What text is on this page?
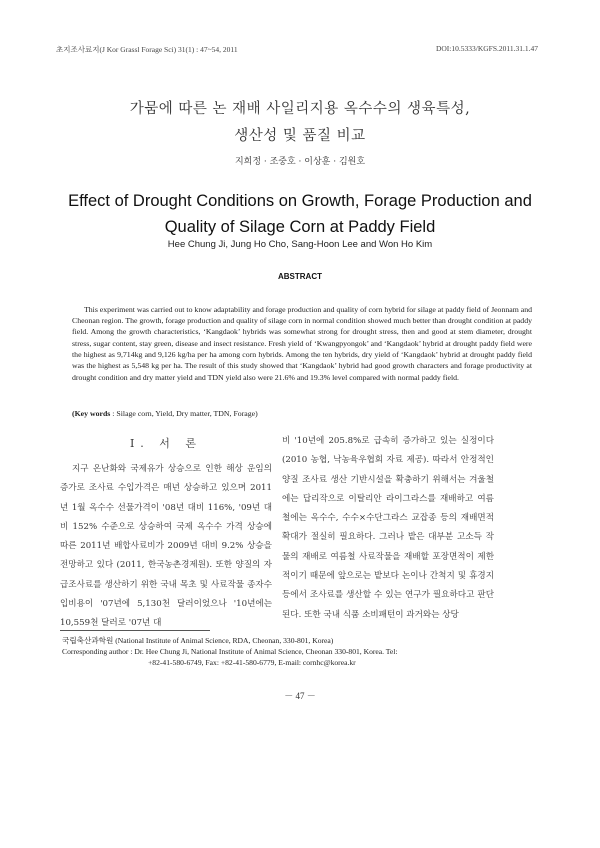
초지조사료지(J Kor Grassl Forage Sci) 31(1) : 47~54, 2011	DOI:10.5333/KGFS.2011.31.1.47
가뭄에 따른 논 재배 사일리지용 옥수수의 생육특성,
생산성 및 품질 비교
지희정 · 조중호 · 이상훈 · 김원호
Effect of Drought Conditions on Growth, Forage Production and
Quality of Silage Corn at Paddy Field
Hee Chung Ji, Jung Ho Cho, Sang-Hoon Lee and Won Ho Kim
ABSTRACT

This experiment was carried out to know adaptability and forage production and quality of corn hybrid for silage at paddy field of Jeonnam and Cheonan region. The growth, forage production and quality of silage corn in normal condition showed much better than drought condition at paddy field. Among the growth characteristics, ‘Kangdaok’ hybrids was somewhat strong for drought stress, then and good at stem diameter, drought stress, sugar content, stay green, disease and insect resistance. Fresh yield of ‘Kwangpyongok’ and ‘Kangdaok’ hybrid at drought paddy field were the highest as 9,714kg and 9,126 kg/ha per ha among corn hybrids. Among the ten hybrids, dry yield of ‘Kangdaok’ hybrid at drought paddy field was the highest as 5,548 kg per ha. The result of this study showed that ‘Kangdaok’ hybrid had good growth characters and forage productivity at drought condition and dry matter yield and TDN yield also were 21.6% and 19.3% level compared with normal paddy field.

(Key words : Silage corn, Yield, Dry matter, TDN, Forage)
Ⅰ. 서 론

지구 온난화와 국제유가 상승으로 인한 해상 운임의 증가로 조사료 수입가격은 매년 상승하고 있으며 2011년 1월 옥수수 선물가격이 '08년 대비 116%, '09년 대비 152% 수준으로 상승하여 국제 옥수수 가격 상승에 따른 2011년 배합사료비가 2009년 대비 9.2% 상승을 전망하고 있다 (2011, 한국농촌경제원). 또한 양질의 자급조사료를 생산하기 위한 국내 목초 및 사료작물 종자수입비용이 '07년에 5,130천 달러이었으나 '10년에는 10,559천 달러로 '07년 대

비 '10년에 205.8%로 급속히 증가하고 있는 실정이다 (2010 농협, 낙농육우협회 자료 제공). 따라서 안정적인 양질 조사료 생산 기반시설을 확충하기 위해서는 겨울철에는 답리작으로 이탈리안 라이그라스를 재배하고 여름철에는 옥수수, 수수×수단그라스 교잡종 등의 재배면적 확대가 절실히 필요하다. 그러나 밭은 대부분 고소득 작물의 재배로 여름철 사료작물을 재배할 포장면적이 제한적이기 때문에 앞으로는 밭보다 논이나 간척지 및 휴경지 등에서 조사료를 생산할 수 있는 연구가 필요하다고 판단된다. 또한 국내 식품 소비패턴이 과거와는 상당

국립축산과학원 (National Institute of Animal Science, RDA, Cheonan, 330-801, Korea)
Corresponding author : Dr. Hee Chung Ji, National Institute of Animal Science, Cheonan 330-801, Korea. Tel:
+82-41-580-6749, Fax: +82-41-580-6779, E-mail: cornhc@korea.kr
－ 47 －
